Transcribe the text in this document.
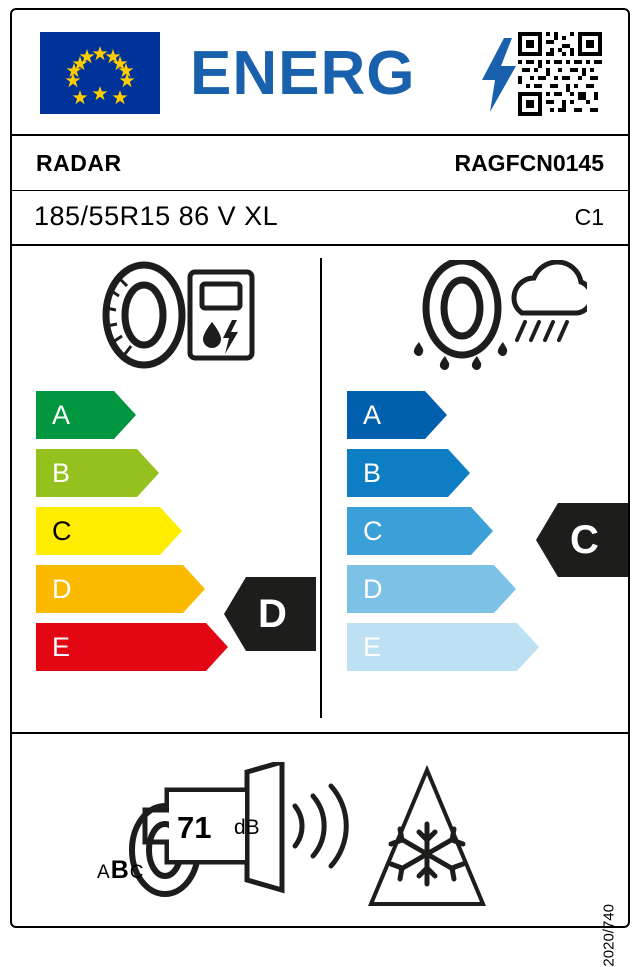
ENERG
RADAR	RAGFCN0145
185/55R15 86 V XL	C1
A
B
C
D
E
A
B
C
D
E
D
C
71 dB
ABC
2020/740
